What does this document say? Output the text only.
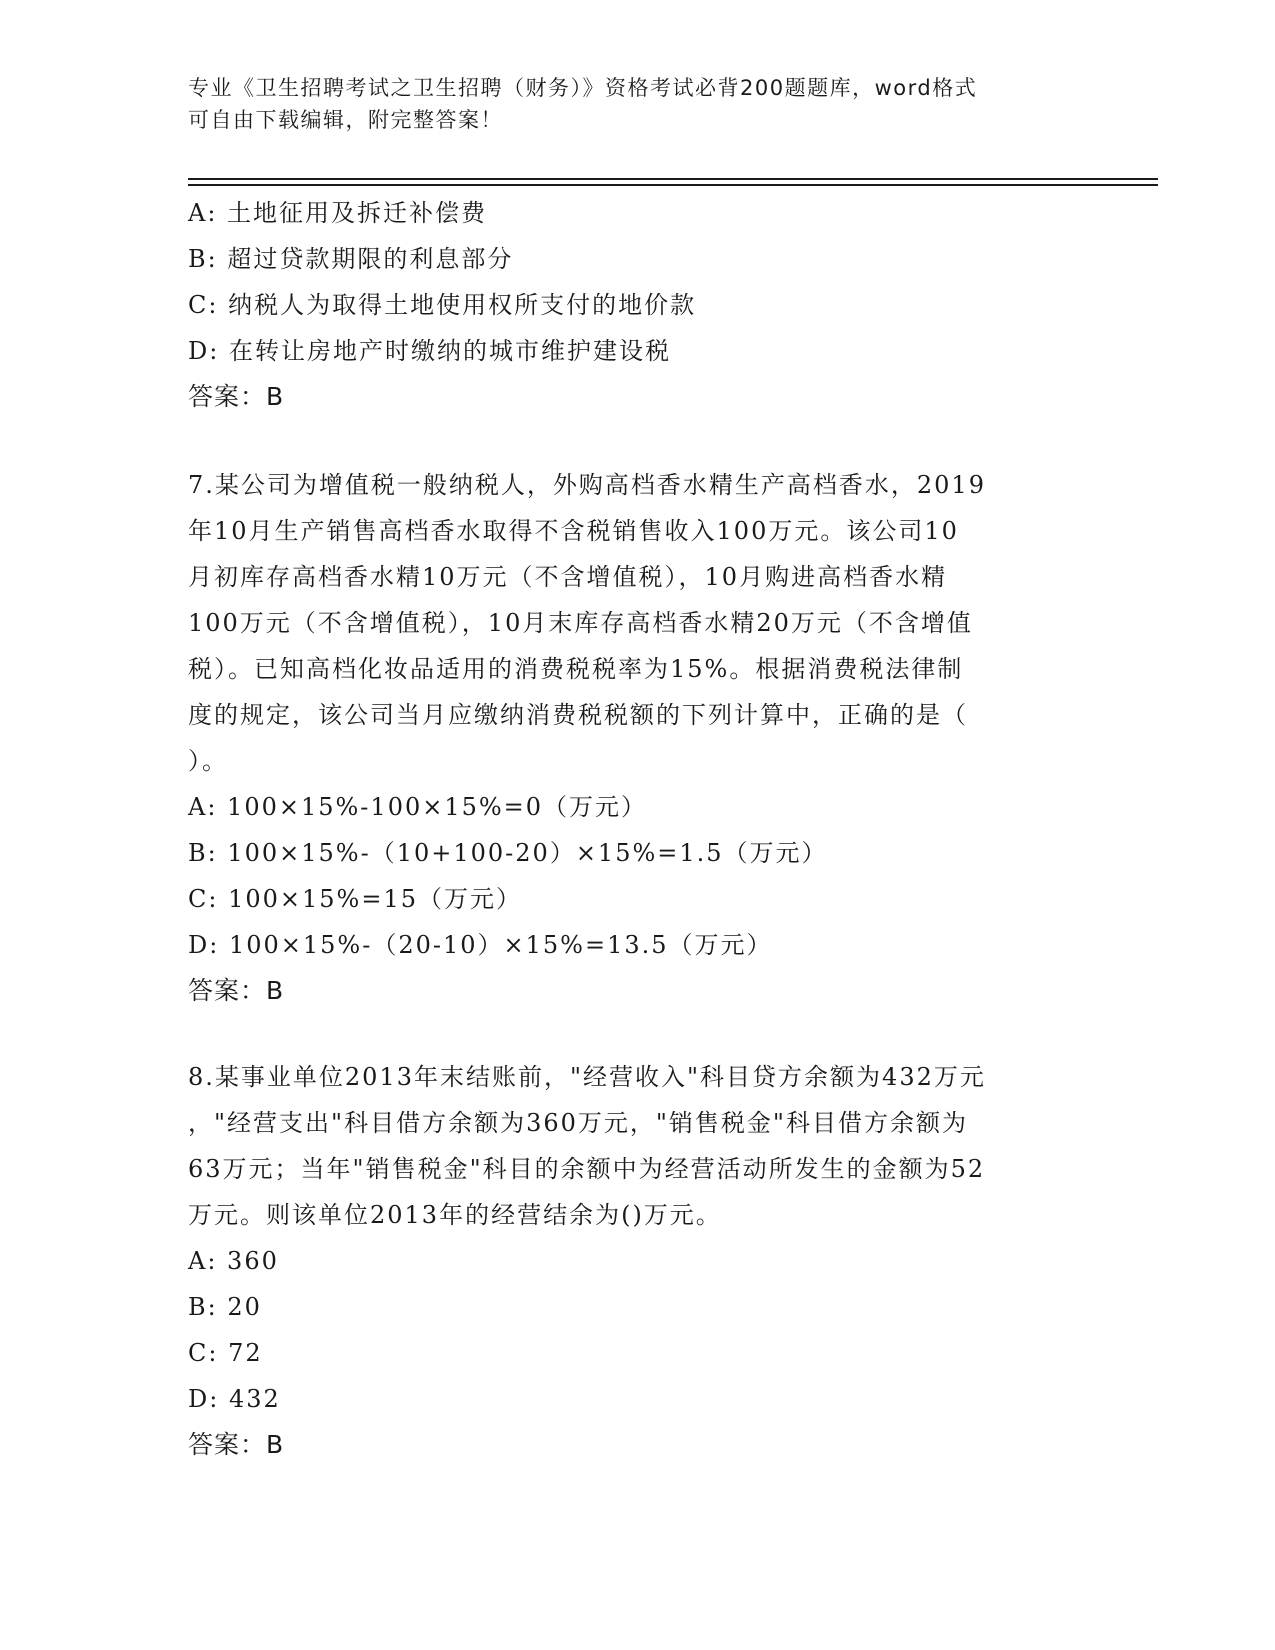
专业《卫生招聘考试之卫生招聘（财务）》资格考试必背200题题库，word格式
可自由下载编辑，附完整答案！
A: 土地征用及拆迁补偿费
B: 超过贷款期限的利息部分
C: 纳税人为取得土地使用权所支付的地价款
D: 在转让房地产时缴纳的城市维护建设税
答案：B
7.某公司为增值税一般纳税人，外购高档香水精生产高档香水，2019
年10月生产销售高档香水取得不含税销售收入100万元。该公司10
月初库存高档香水精10万元（不含增值税），10月购进高档香水精
100万元（不含增值税），10月末库存高档香水精20万元（不含增值
税）。已知高档化妆品适用的消费税税率为15%。根据消费税法律制
度的规定，该公司当月应缴纳消费税税额的下列计算中，正确的是（
）。
A: 100×15%-100×15%=0（万元）
B: 100×15%-（10+100-20）×15%=1.5（万元）
C: 100×15%=15（万元）
D: 100×15%-（20-10）×15%=13.5（万元）
答案：B
8.某事业单位2013年末结账前，"经营收入"科目贷方余额为432万元
，"经营支出"科目借方余额为360万元，"销售税金"科目借方余额为
63万元；当年"销售税金"科目的余额中为经营活动所发生的金额为52
万元。则该单位2013年的经营结余为()万元。
A: 360
B: 20
C: 72
D: 432
答案：B
